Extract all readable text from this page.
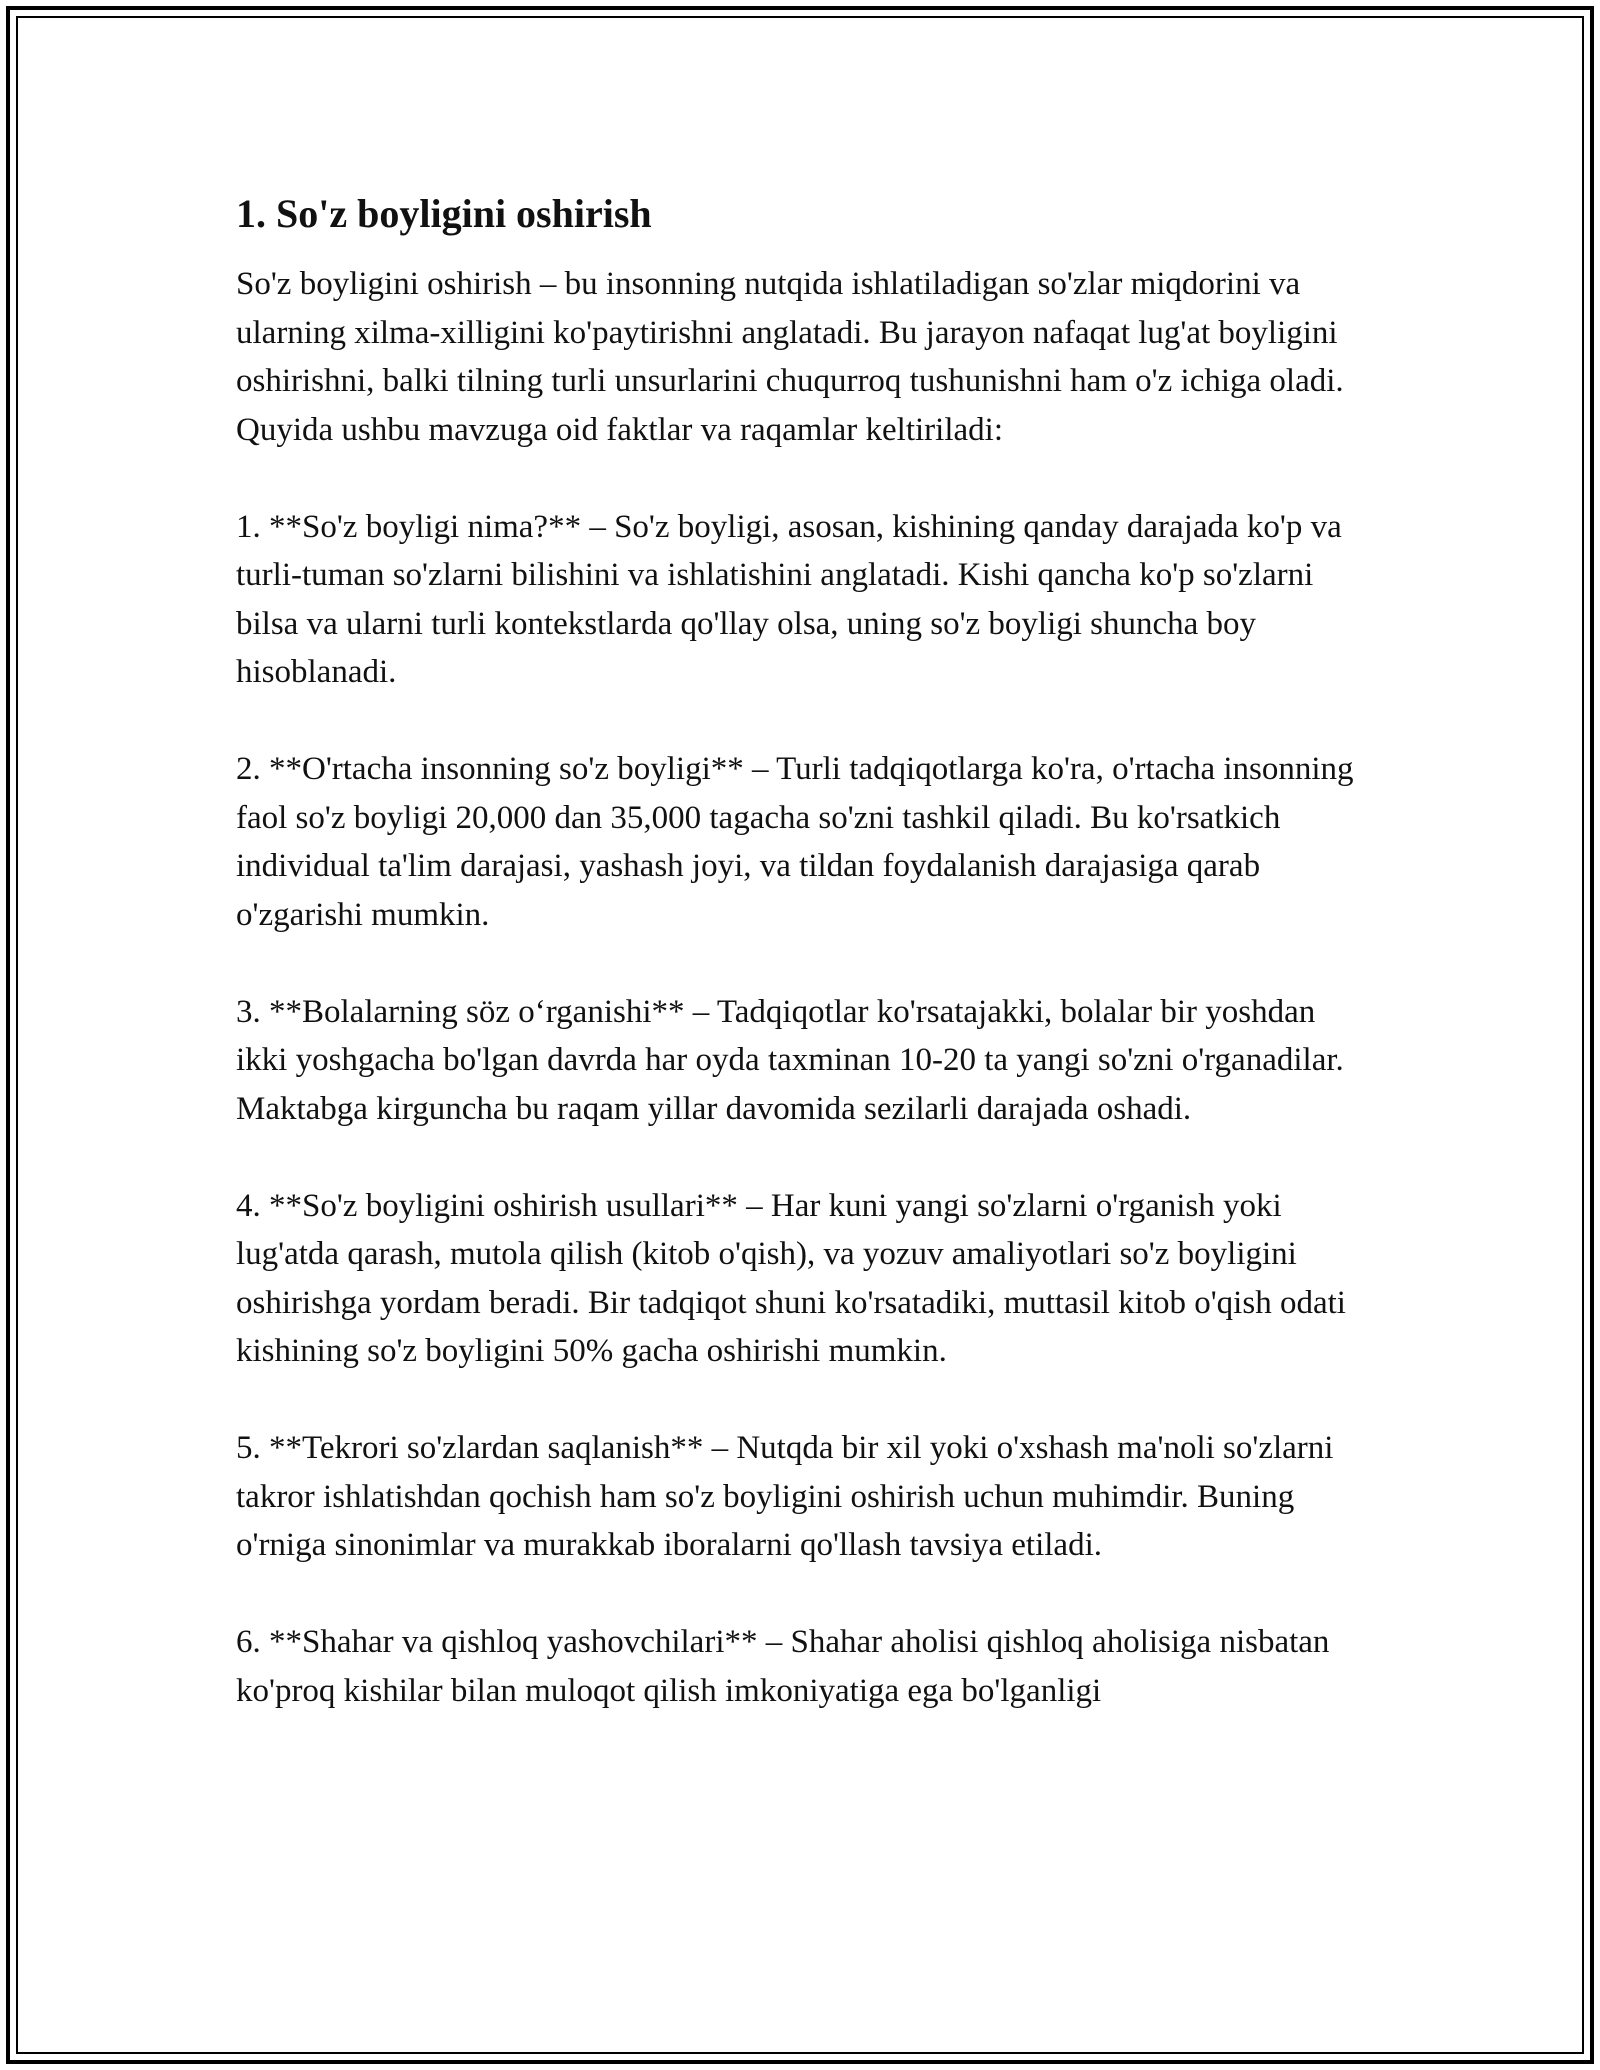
1. So'z boyligini oshirish

So'z boyligini oshirish – bu insonning nutqida ishlatiladigan so'zlar miqdorini va ularning xilma-xilligini ko'paytirishni anglatadi. Bu jarayon nafaqat lug'at boyligini oshirishni, balki tilning turli unsurlarini chuqurroq tushunishni ham o'z ichiga oladi. Quyida ushbu mavzuga oid faktlar va raqamlar keltiriladi:

1. **So'z boyligi nima?** – So'z boyligi, asosan, kishining qanday darajada ko'p va turli-tuman so'zlarni bilishini va ishlatishini anglatadi. Kishi qancha ko'p so'zlarni bilsa va ularni turli kontekstlarda qo'llay olsa, uning so'z boyligi shuncha boy hisoblanadi.

2. **O'rtacha insonning so'z boyligi** – Turli tadqiqotlarga ko'ra, o'rtacha insonning faol so'z boyligi 20,000 dan 35,000 tagacha so'zni tashkil qiladi. Bu ko'rsatkich individual ta'lim darajasi, yashash joyi, va tildan foydalanish darajasiga qarab o'zgarishi mumkin.

3. **Bolalarning söz o‘rganishi** – Tadqiqotlar ko'rsatajakki, bolalar bir yoshdan ikki yoshgacha bo'lgan davrda har oyda taxminan 10-20 ta yangi so'zni o'rganadilar. Maktabga kirguncha bu raqam yillar davomida sezilarli darajada oshadi.

4. **So'z boyligini oshirish usullari** – Har kuni yangi so'zlarni o'rganish yoki lug'atda qarash, mutola qilish (kitob o'qish), va yozuv amaliyotlari so'z boyligini oshirishga yordam beradi. Bir tadqiqot shuni ko'rsatadiki, muttasil kitob o'qish odati kishining so'z boyligini 50% gacha oshirishi mumkin.

5. **Tekrori so'zlardan saqlanish** – Nutqda bir xil yoki o'xshash ma'noli so'zlarni takror ishlatishdan qochish ham so'z boyligini oshirish uchun muhimdir. Buning o'rniga sinonimlar va murakkab iboralarni qo'llash tavsiya etiladi.

6. **Shahar va qishloq yashovchilari** – Shahar aholisi qishloq aholisiga nisbatan ko'proq kishilar bilan muloqot qilish imkoniyatiga ega bo'lganligi
